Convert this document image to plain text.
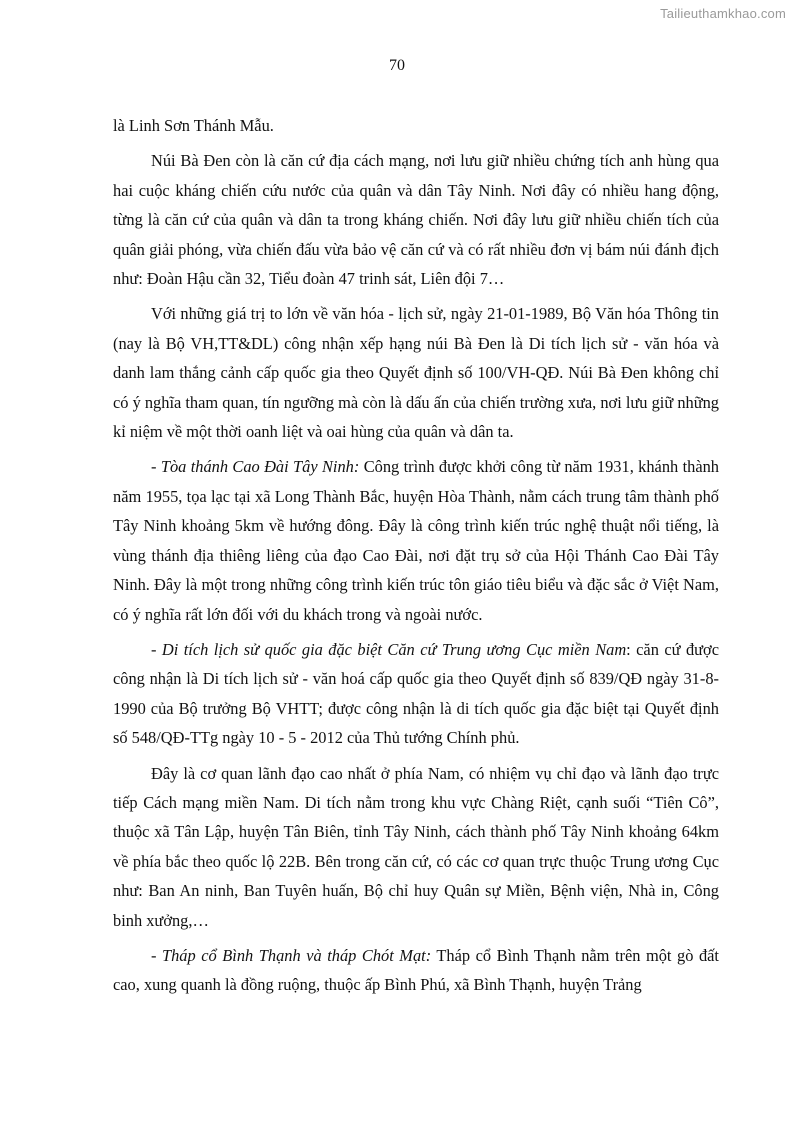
Tailieuthamkhao.com
70

là Linh Sơn Thánh Mẫu.

Núi Bà Đen còn là căn cứ địa cách mạng, nơi lưu giữ nhiều chứng tích anh hùng qua hai cuộc kháng chiến cứu nước của quân và dân Tây Ninh. Nơi đây có nhiều hang động, từng là căn cứ của quân và dân ta trong kháng chiến. Nơi đây lưu giữ nhiều chiến tích của quân giải phóng, vừa chiến đấu vừa bảo vệ căn cứ và có rất nhiều đơn vị bám núi đánh địch như: Đoàn Hậu cần 32, Tiểu đoàn 47 trinh sát, Liên đội 7…

Với những giá trị to lớn về văn hóa - lịch sử, ngày 21-01-1989, Bộ Văn hóa Thông tin (nay là Bộ VH,TT&DL) công nhận xếp hạng núi Bà Đen là Di tích lịch sử - văn hóa và danh lam thắng cảnh cấp quốc gia theo Quyết định số 100/VH-QĐ. Núi Bà Đen không chỉ có ý nghĩa tham quan, tín ngưỡng mà còn là dấu ấn của chiến trường xưa, nơi lưu giữ những kỉ niệm về một thời oanh liệt và oai hùng của quân và dân ta.

- Tòa thánh Cao Đài Tây Ninh: Công trình được khởi công từ năm 1931, khánh thành năm 1955, tọa lạc tại xã Long Thành Bắc, huyện Hòa Thành, nằm cách trung tâm thành phố Tây Ninh khoảng 5km về hướng đông. Đây là công trình kiến trúc nghệ thuật nổi tiếng, là vùng thánh địa thiêng liêng của đạo Cao Đài, nơi đặt trụ sở của Hội Thánh Cao Đài Tây Ninh. Đây là một trong những công trình kiến trúc tôn giáo tiêu biểu và đặc sắc ở Việt Nam, có ý nghĩa rất lớn đối với du khách trong và ngoài nước.

- Di tích lịch sử quốc gia đặc biệt Căn cứ Trung ương Cục miền Nam: căn cứ được công nhận là Di tích lịch sử - văn hoá cấp quốc gia theo Quyết định số 839/QĐ ngày 31-8-1990 của Bộ trưởng Bộ VHTT; được công nhận là di tích quốc gia đặc biệt tại Quyết định số 548/QĐ-TTg ngày 10 - 5 - 2012 của Thủ tướng Chính phủ.

Đây là cơ quan lãnh đạo cao nhất ở phía Nam, có nhiệm vụ chỉ đạo và lãnh đạo trực tiếp Cách mạng miền Nam. Di tích nằm trong khu vực Chàng Riệt, cạnh suối “Tiên Cô”, thuộc xã Tân Lập, huyện Tân Biên, tỉnh Tây Ninh, cách thành phố Tây Ninh khoảng 64km về phía bắc theo quốc lộ 22B. Bên trong căn cứ, có các cơ quan trực thuộc Trung ương Cục như: Ban An ninh, Ban Tuyên huấn, Bộ chỉ huy Quân sự Miền, Bệnh viện, Nhà in, Công binh xưởng,…

- Tháp cổ Bình Thạnh và tháp Chót Mạt: Tháp cổ Bình Thạnh nằm trên một gò đất cao, xung quanh là đồng ruộng, thuộc ấp Bình Phú, xã Bình Thạnh, huyện Trảng
